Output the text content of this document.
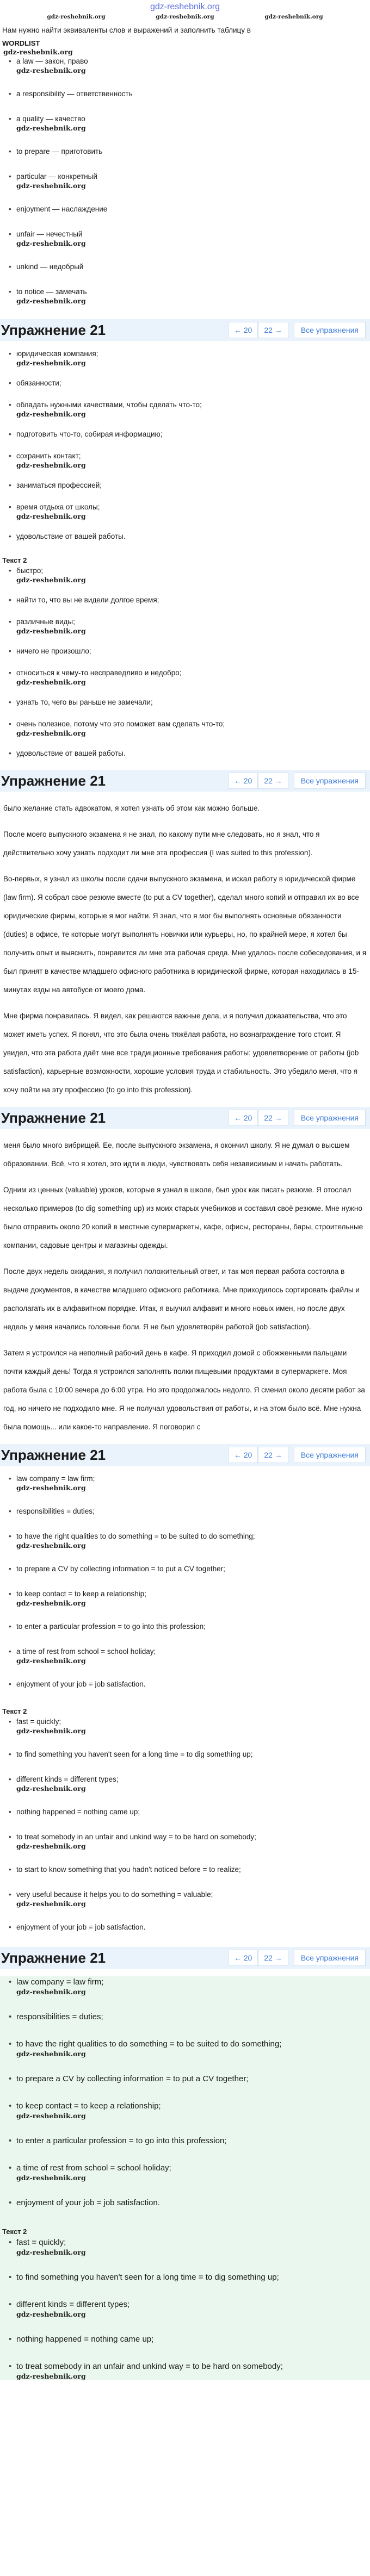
gdz-reshebnik.org
gdz-reshebnik.org	gdz-reshebnik.org	gdz-reshebnik.org
Нам нужно найти эквиваленты слов и выражений и заполнить таблицу в
WORDLIST
gdz-reshebnik.org
• a law — закон, право
gdz-reshebnik.org
• a responsibility — ответственность
• a quality — качество
gdz-reshebnik.org
• to prepare — приготовить
• particular — конкретный
gdz-reshebnik.org
• enjoyment — наслаждение
• unfair — нечестный
gdz-reshebnik.org
• unkind — недобрый
• to notice — замечать
gdz-reshebnik.org
Упражнение 21	← 20	22 →	Все упражнения
• юридическая компания;
gdz-reshebnik.org
• обязанности;
• обладать нужными качествами, чтобы сделать что-то;
gdz-reshebnik.org
• подготовить что-то, собирая информацию;
• сохранить контакт;
gdz-reshebnik.org
• заниматься профессией;
• время отдыха от школы;
gdz-reshebnik.org
• удовольствие от вашей работы.
Текст 2
• быстро;
gdz-reshebnik.org
• найти то, что вы не видели долгое время;
• различные виды;
gdz-reshebnik.org
• ничего не произошло;
• относиться к чему-то несправедливо и недобро;
gdz-reshebnik.org
• узнать то, чего вы раньше не замечали;
• очень полезное, потому что это поможет вам сделать что-то;
gdz-reshebnik.org
• удовольствие от вашей работы.
Упражнение 21	← 20	22 →	Все упражнения

было желание стать адвокатом, я хотел узнать об этом как можно больше.

После моего выпускного экзамена я не знал, по какому пути мне следовать, но я знал, что я действительно хочу узнать подходит ли мне эта профессия (I was suited to this profession).

Во-первых, я узнал из школы после сдачи выпускного экзамена, и искал работу в юридической фирме (law firm). Я собрал свое резюме вместе (to put a CV together), сделал много копий и отправил их во все юридические фирмы, которые я мог найти. Я знал, что я мог бы выполнять основные обязанности (duties) в офисе, те которые могут выполнять новички или курьеры, но, по крайней мере, я хотел бы получить опыт и выяснить, понравится ли мне эта рабочая среда. Мне удалось после собеседования, и я был принят в качестве младшего офисного работника в юридической фирме, которая находилась в 15-минутах езды на автобусе от моего дома.

Мне фирма понравилась. Я видел, как решаются важные дела, и я получил доказательства, что это может иметь успех. Я понял, что это была очень тяжёлая работа, но вознаграждение того стоит. Я увидел, что эта работа даёт мне все традиционные требования работы: удовлетворение от работы (job satisfaction), карьерные возможности, хорошие условия труда и стабильность. Это убедило меня, что я хочу пойти на эту профессию (to go into this profession).

Упражнение 21	← 20	22 →	Все упражнения

меня было много вибрищей. Ее, после выпускного экзамена, я окончил школу. Я не думал о высшем образовании. Всё, что я хотел, это идти в люди, чувствовать себя независимым и начать работать.

Одним из ценных (valuable) уроков, которые я узнал в школе, был урок как писать резюме. Я отослал несколько примеров (to dig something up) из моих старых учебников и составил своё резюме. Мне нужно было отправить около 20 копий в местные супермаркеты, кафе, офисы, рестораны, бары, строительные компании, садовые центры и магазины одежды.

После двух недель ожидания, я получил положительный ответ, и так моя первая работа состояла в выдаче документов, в качестве младшего офисного работника. Мне приходилось сортировать файлы и располагать их в алфавитном порядке. Итак, я выучил алфавит и много новых имен, но после двух недель у меня начались головные боли. Я не был удовлетворён работой (job satisfaction).

Затем я устроился на неполный рабочий день в кафе. Я приходил домой с обожженными пальцами почти каждый день! Тогда я устроился заполнять полки пищевыми продуктами в супермаркете. Моя работа была с 10:00 вечера до 6:00 утра. Но это продолжалось недолго. Я сменил около десяти работ за год, но ничего не подходило мне. Я не получал удовольствия от работы, и на этом было всё. Мне нужна была помощь... или какое-то направление. Я поговорил с

Упражнение 21	← 20	22 →	Все упражнения
• law company = law firm;
gdz-reshebnik.org
• responsibilities = duties;
• to have the right qualities to do something = to be suited to do something;
gdz-reshebnik.org
• to prepare a CV by collecting information = to put a CV together;
• to keep contact = to keep a relationship;
gdz-reshebnik.org
• to enter a particular profession = to go into this profession;
• a time of rest from school = school holiday;
gdz-reshebnik.org
• enjoyment of your job = job satisfaction.
Текст 2
• fast = quickly;
gdz-reshebnik.org
• to find something you haven't seen for a long time = to dig something up;
• different kinds = different types;
gdz-reshebnik.org
• nothing happened = nothing came up;
• to treat somebody in an unfair and unkind way = to be hard on somebody;
gdz-reshebnik.org
• to start to know something that you hadn't noticed before = to realize;
• very useful because it helps you to do something = valuable;
gdz-reshebnik.org
• enjoyment of your job = job satisfaction.
Упражнение 21	← 20	22 →	Все упражнения
• law company = law firm;
gdz-reshebnik.org
• responsibilities = duties;
• to have the right qualities to do something = to be suited to do something;
gdz-reshebnik.org
• to prepare a CV by collecting information = to put a CV together;
• to keep contact = to keep a relationship;
gdz-reshebnik.org
• to enter a particular profession = to go into this profession;
• a time of rest from school = school holiday;
gdz-reshebnik.org
• enjoyment of your job = job satisfaction.
Текст 2
• fast = quickly;
gdz-reshebnik.org
• to find something you haven't seen for a long time = to dig something up;
• different kinds = different types;
gdz-reshebnik.org
• nothing happened = nothing came up;
• to treat somebody in an unfair and unkind way = to be hard on somebody;
gdz-reshebnik.org
